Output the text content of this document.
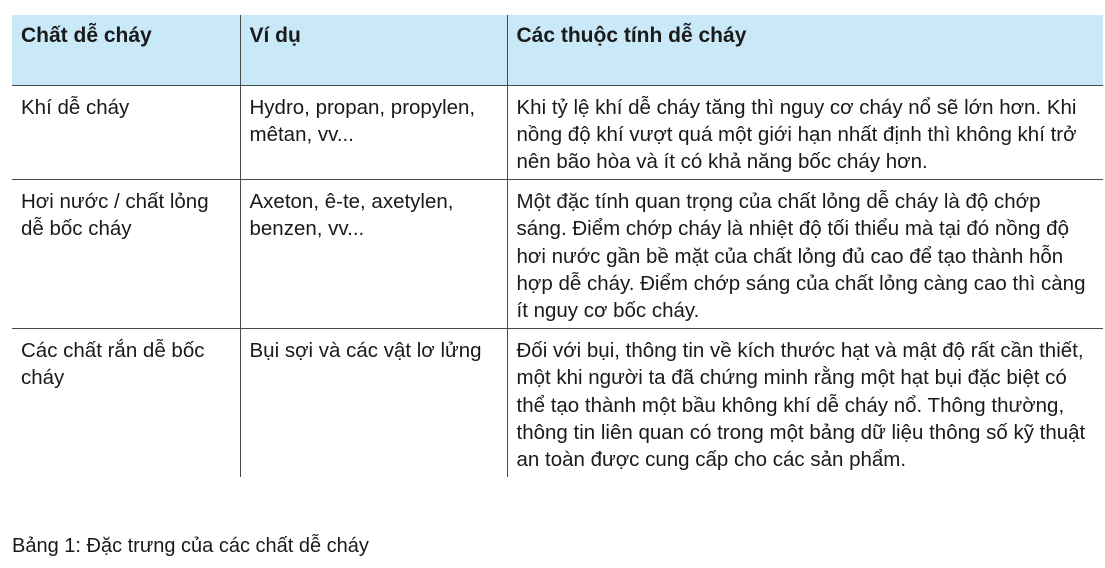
Chất dễ cháy	Ví dụ	Các thuộc tính dễ cháy
Khí dễ cháy	Hydro, propan, propylen, mêtan, vv...	Khi tỷ lệ khí dễ cháy tăng thì nguy cơ cháy nổ sẽ lớn hơn. Khi nồng độ khí vượt quá một giới hạn nhất định thì không khí trở nên bão hòa và ít có khả năng bốc cháy hơn.
Hơi nước / chất lỏng dễ bốc cháy	Axeton, ê-te, axetylen, benzen, vv...	Một đặc tính quan trọng của chất lỏng dễ cháy là độ chớp sáng. Điểm chớp cháy là nhiệt độ tối thiểu mà tại đó nồng độ hơi nước gần bề mặt của chất lỏng đủ cao để tạo thành hỗn hợp dễ cháy. Điểm chớp sáng của chất lỏng càng cao thì càng ít nguy cơ bốc cháy.
Các chất rắn dễ bốc cháy	Bụi sợi và các vật lơ lửng	Đối với bụi, thông tin về kích thước hạt và mật độ rất cần thiết, một khi người ta đã chứng minh rằng một hạt bụi đặc biệt có thể tạo thành một bầu không khí dễ cháy nổ. Thông thường, thông tin liên quan có trong một bảng dữ liệu thông số kỹ thuật an toàn được cung cấp cho các sản phẩm.
Bảng 1: Đặc trưng của các chất dễ cháy
